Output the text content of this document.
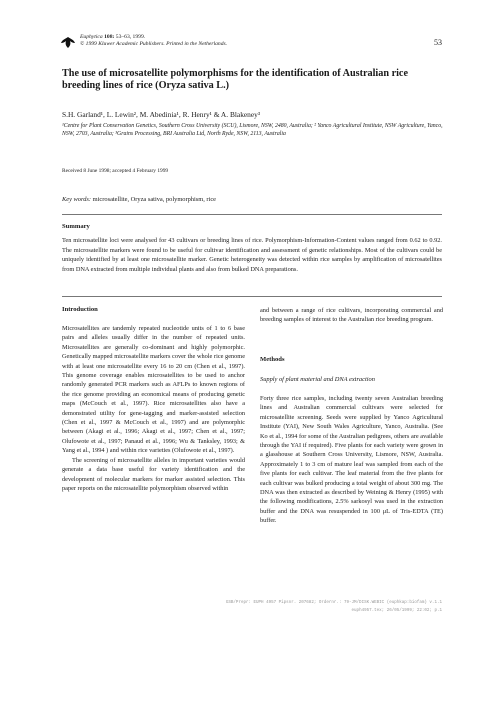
Euphytica 108: 53–63, 1999.
© 1999 Kluwer Academic Publishers. Printed in the Netherlands.	53
The use of microsatellite polymorphisms for the identification of Australian rice breeding lines of rice (Oryza sativa L.)
S.H. Garland¹, L. Lewin², M. Abedinia¹, R. Henry¹ & A. Blakeney³
¹Centre for Plant Conservation Genetics, Southern Cross University (SCU), Lismore, NSW, 2480, Australia; ² Yanco Agricultural Institute, NSW Agriculture, Yanco, NSW, 2703, Australia; ³Grains Processing, BRI Australia Ltd, North Ryde, NSW, 2113, Australia
Received 8 June 1998; accepted 4 February 1999
Key words: microsatellite, Oryza sativa, polymorphism, rice
Summary
Ten microsatellite loci were analysed for 43 cultivars or breeding lines of rice. Polymorphism-Information-Content values ranged from 0.62 to 0.92. The microsatellite markers were found to be useful for cultivar identification and assessment of genetic relationships. Most of the cultivars could be uniquely identified by at least one microsatellite marker. Genetic heterogeneity was detected within rice samples by amplification of microsatellites from DNA extracted from multiple individual plants and also from bulked DNA preparations.
Introduction

Microsatellites are tandemly repeated nucleotide units of 1 to 6 base pairs and alleles usually differ in the number of repeated units. Microsatellites are generally co-dominant and highly polymorphic. Genetically mapped microsatellite markers cover the whole rice genome with at least one microsatellite every 16 to 20 cm (Chen et al., 1997). This genome coverage enables microsatellites to be used to anchor randomly generated PCR markers such as AFLPs to known regions of the rice genome providing an economical means of producing genetic maps (McCouch et al., 1997). Rice microsatellites also have a demonstrated utility for gene-tagging and marker-assisted selection (Chen et al., 1997 & McCouch et al., 1997) and are polymorphic between (Akagi et al., 1996; Akagi et al., 1997; Chen et al., 1997; Olufowote et al., 1997; Panaud et al., 1996; Wu & Tanksley, 1993; & Yang et al., 1994 ) and within rice varieties (Olufowote et al., 1997).

The screening of microsatellite alleles in important varieties would generate a data base useful for variety identification and the development of molecular markers for marker assisted selection. This paper reports on the microsatellite polymorphism observed within

and between a range of rice cultivars, incorporating commercial and breeding samples of interest to the Australian rice breeding program.

Methods
Supply of plant material and DNA extraction
Forty three rice samples, including twenty seven Australian breeding lines and Australian commercial cultivars were selected for microsatellite screening. Seeds were supplied by Yanco Agricultural Institute (YAI), New South Wales Agriculture, Yanco, Australia. (See Ko et al., 1994 for some of the Australian pedigrees, others are available through the YAI if required). Five plants for each variety were grown in a glasshouse at Southern Cross University, Lismore, NSW, Australia. Approximately 1 to 3 cm of mature leaf was sampled from each of the five plants for each cultivar. The leaf material from the five plants for each cultivar was bulked producing a total weight of about 300 mg. The DNA was then extracted as described by Weining & Henry (1995) with the following modifications, 2.5% sarkosyl was used in the extraction buffer and the DNA was resuspended in 100 μL of Tris-EDTA (TE) buffer.
GSB/Prepr: EUPH 4957 Pipsnr. 207682; Ordernr.: 79-JM/DISK.WEBIC (euphkap:biofam) v.1.1
euph4957.tex; 26/05/1999; 22:02; p.1
